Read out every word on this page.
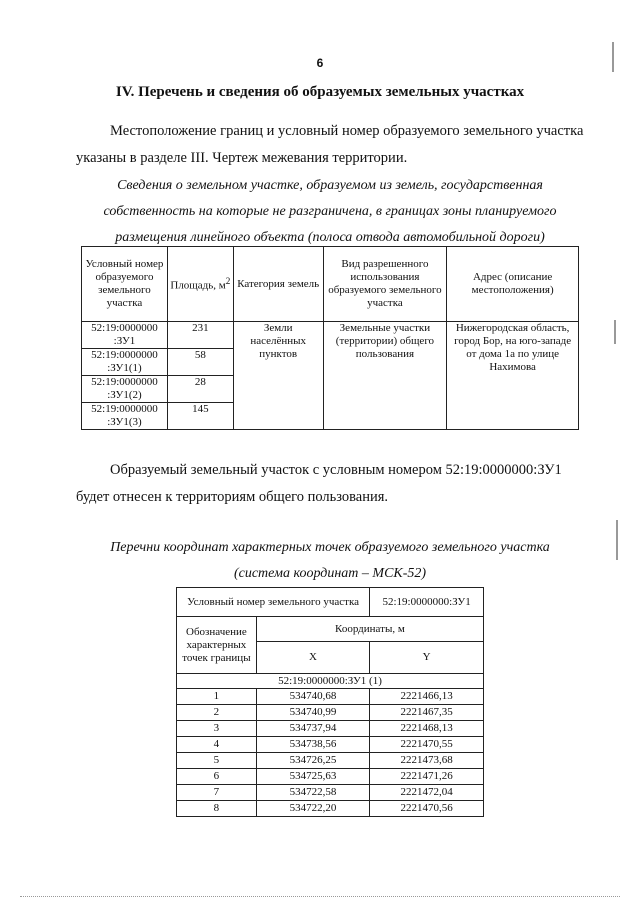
6
IV. Перечень и сведения об образуемых земельных участках
Местоположение границ и условный номер образуемого земельного участка
указаны в разделе III. Чертеж межевания территории.
Сведения о земельном участке, образуемом из земель, государственная
собственность на которые не разграничена, в границах зоны планируемого
размещения линейного объекта (полоса отвода автомобильной дороги)
Условный номер образуемого земельного участка	Площадь, $м^2$	Категория земель	Вид разрешенного использования образуемого земельного участка	Адрес (описание местоположения)
52:19:0000000 :ЗУ1	231	Земли населённых пунктов	Земельные участки (территории) общего пользования	Нижегородская область, город Бор, на юго-западе от дома 1а по улице Нахимова
52:19:0000000 :ЗУ1(1)	58			
52:19:0000000 :ЗУ1(2)	28			
52:19:0000000 :ЗУ1(3)	145			
Образуемый земельный участок с условным номером 52:19:0000000:ЗУ1
будет отнесен к территориям общего пользования.
Перечни координат характерных точек образуемого земельного участка
(система координат – МСК-52)
Условный номер земельного участка		52:19:0000000:ЗУ1
Обозначение характерных точек границы	Координаты, м	
	X	Y
52:19:0000000:ЗУ1 (1)		
1	534740,68	2221466,13
2	534740,99	2221467,35
3	534737,94	2221468,13
4	534738,56	2221470,55
5	534726,25	2221473,68
6	534725,63	2221471,26
7	534722,58	2221472,04
8	534722,20	2221470,56
